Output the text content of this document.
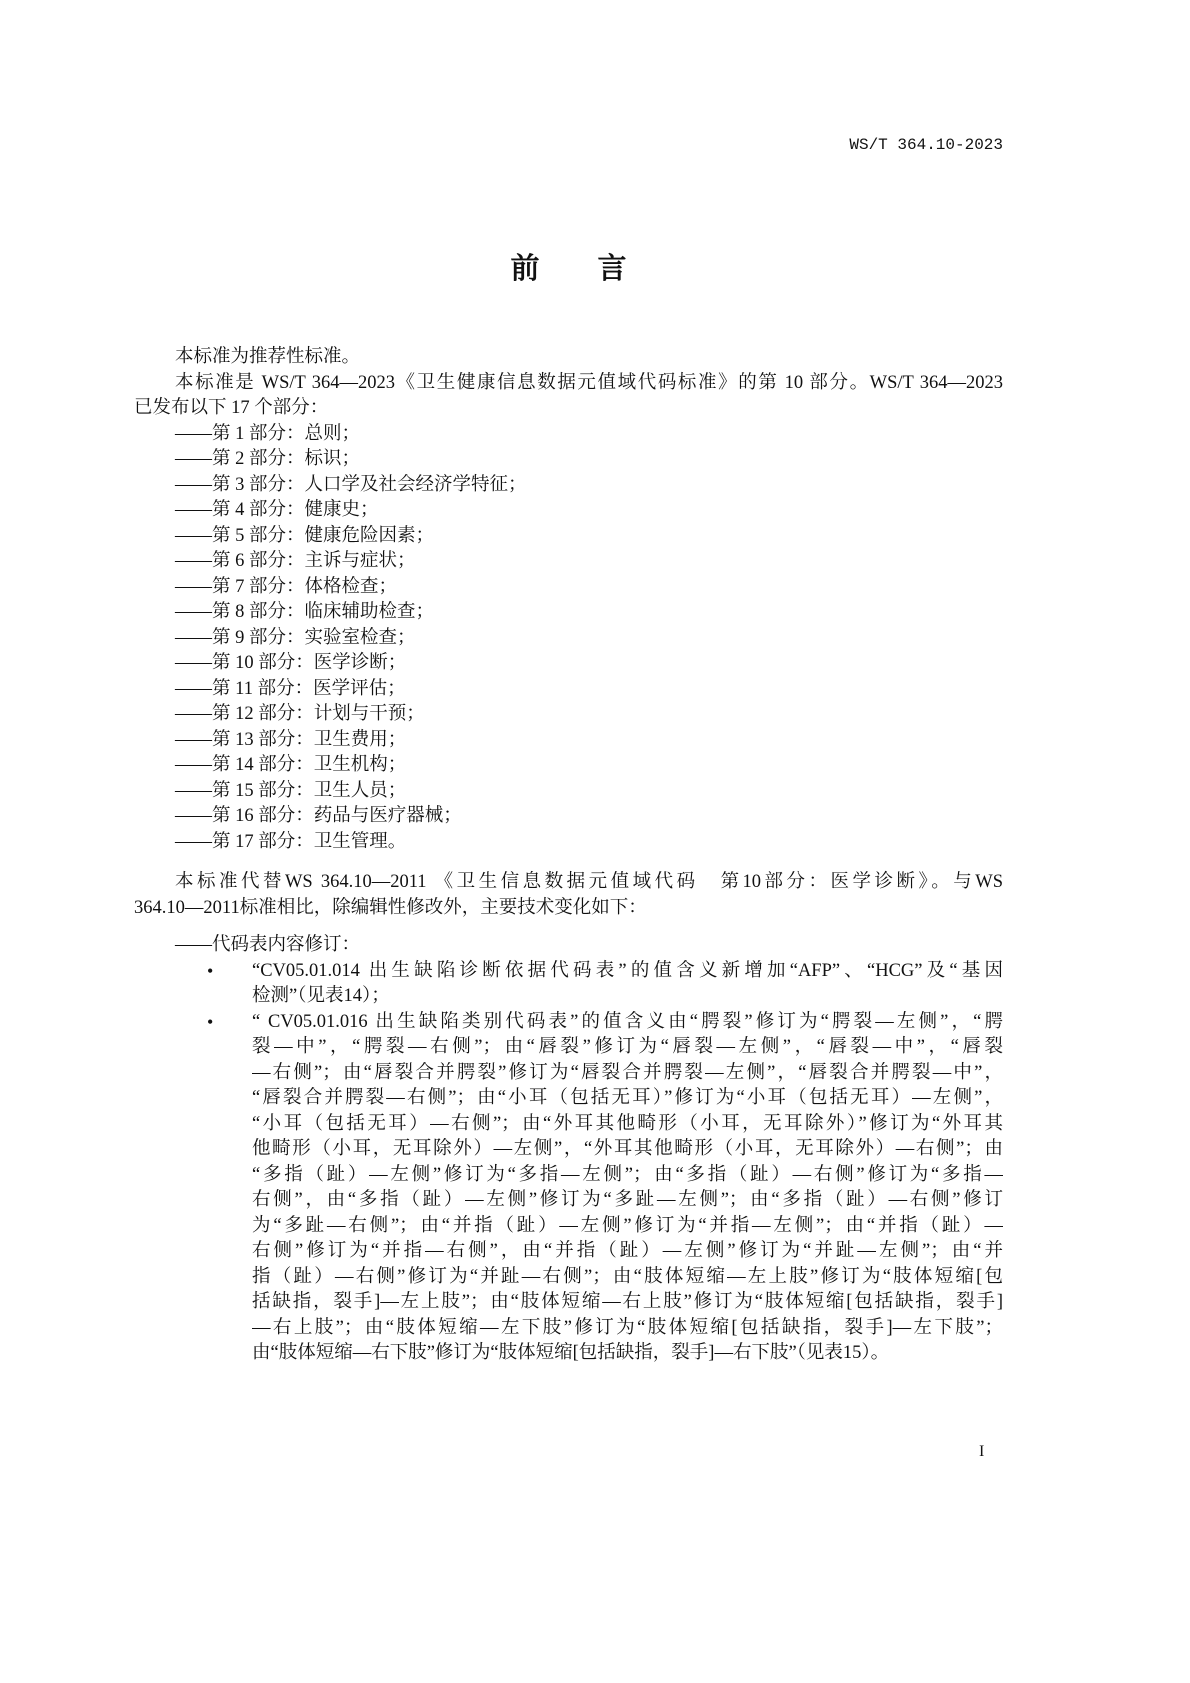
WS/T 364.10-2023
前　　言
本标准为推荐性标准。
本标准是 WS/T 364—2023《卫生健康信息数据元值域代码标准》的第 10 部分。WS/T 364—2023
已发布以下 17 个部分：
——第 1 部分：总则；
——第 2 部分：标识；
——第 3 部分：人口学及社会经济学特征；
——第 4 部分：健康史；
——第 5 部分：健康危险因素；
——第 6 部分：主诉与症状；
——第 7 部分：体格检查；
——第 8 部分：临床辅助检查；
——第 9 部分：实验室检查；
——第 10 部分：医学诊断；
——第 11 部分：医学评估；
——第 12 部分：计划与干预；
——第 13 部分：卫生费用；
——第 14 部分：卫生机构；
——第 15 部分：卫生人员；
——第 16 部分：药品与医疗器械；
——第 17 部分：卫生管理。
本标准代替WS 364.10—2011 《卫生信息数据元值域代码　第10部分：医学诊断》。与WS
364.10—2011标准相比，除编辑性修改外，主要技术变化如下：
——代码表内容修订：
• “CV05.01.014 出生缺陷诊断依据代码表”的值含义新增加“AFP”、“HCG”及“基因
检测”（见表14）；
• “ CV05.01.016 出生缺陷类别代码表”的值含义由“腭裂”修订为“腭裂—左侧”，“腭
裂—中”，“腭裂—右侧”；由“唇裂”修订为“唇裂—左侧”，“唇裂—中”，“唇裂
—右侧”；由“唇裂合并腭裂”修订为“唇裂合并腭裂—左侧”，“唇裂合并腭裂—中”，
“唇裂合并腭裂—右侧”；由“小耳（包括无耳）”修订为“小耳（包括无耳）—左侧”，
“小耳（包括无耳）—右侧”；由“外耳其他畸形（小耳，无耳除外）”修订为“外耳其
他畸形（小耳，无耳除外）—左侧”，“外耳其他畸形（小耳，无耳除外）—右侧”；由
“多指（趾）—左侧”修订为“多指—左侧”；由“多指（趾）—右侧”修订为“多指—
右侧”，由“多指（趾）—左侧”修订为“多趾—左侧”；由“多指（趾）—右侧”修订
为“多趾—右侧”；由“并指（趾）—左侧”修订为“并指—左侧”；由“并指（趾）—
右侧”修订为“并指—右侧”，由“并指（趾）—左侧”修订为“并趾—左侧”；由“并
指（趾）—右侧”修订为“并趾—右侧”；由“肢体短缩—左上肢”修订为“肢体短缩[包
括缺指，裂手]—左上肢”；由“肢体短缩—右上肢”修订为“肢体短缩[包括缺指，裂手]
—右上肢”；由“肢体短缩—左下肢”修订为“肢体短缩[包括缺指，裂手]—左下肢”；
由“肢体短缩—右下肢”修订为“肢体短缩[包括缺指，裂手]—右下肢”（见表15）。
I
